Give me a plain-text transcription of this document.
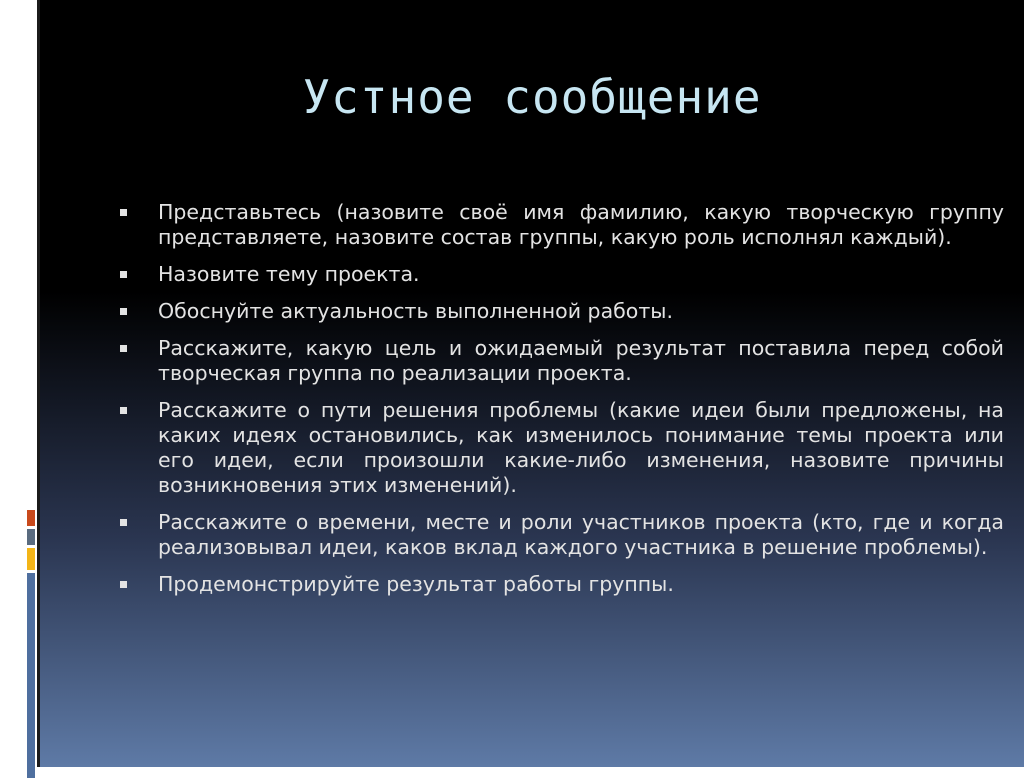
Устное сообщение
Представьтесь (назовите своё имя фамилию, какую творческую группу представляете, назовите состав группы, какую роль исполнял каждый).
Назовите тему проекта.
Обоснуйте актуальность выполненной работы.
Расскажите, какую цель и ожидаемый результат поставила перед собой творческая группа по реализации проекта.
Расскажите о пути решения проблемы (какие идеи были предложены, на каких идеях остановились, как изменилось понимание темы проекта или его идеи, если произошли какие-либо изменения, назовите причины возникновения этих изменений).
Расскажите о времени, месте и роли участников проекта (кто, где и когда реализовывал идеи, каков вклад каждого участника в решение проблемы).
Продемонстрируйте результат работы группы.
